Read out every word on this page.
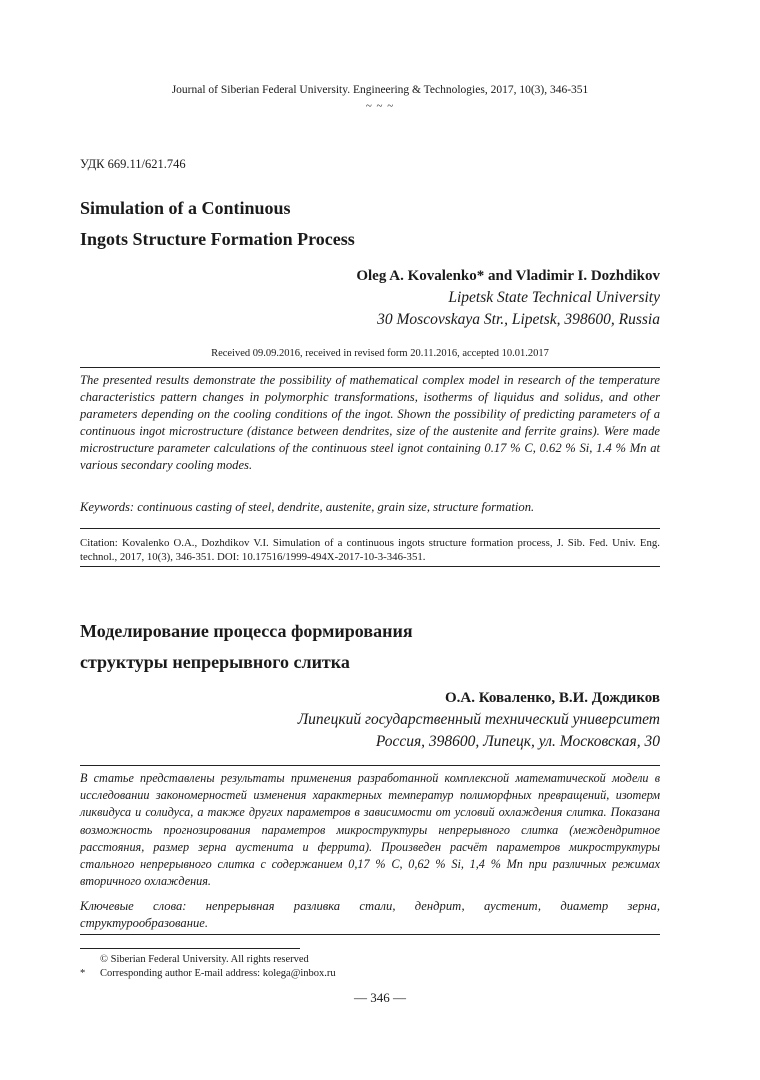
Journal of Siberian Federal University. Engineering & Technologies, 2017, 10(3), 346-351
~ ~ ~
УДК 669.11/621.746
Simulation of a Continuous
Ingots Structure Formation Process
Oleg A. Kovalenko* and Vladimir I. Dozhdikov
Lipetsk State Technical University
30 Moscovskaya Str., Lipetsk, 398600, Russia
Received 09.09.2016, received in revised form 20.11.2016, accepted 10.01.2017
The presented results demonstrate the possibility of mathematical complex model in research of the temperature characteristics pattern changes in polymorphic transformations, isotherms of liquidus and solidus, and other parameters depending on the cooling conditions of the ingot. Shown the possibility of predicting parameters of a continuous ingot microstructure (distance between dendrites, size of the austenite and ferrite grains). Were made microstructure parameter calculations of the continuous steel ignot containing 0.17 % C, 0.62 % Si, 1.4 % Mn at various secondary cooling modes.
Keywords: continuous casting of steel, dendrite, austenite, grain size, structure formation.
Citation: Kovalenko O.A., Dozhdikov V.I. Simulation of a continuous ingots structure formation process, J. Sib. Fed. Univ. Eng. technol., 2017, 10(3), 346-351. DOI: 10.17516/1999-494X-2017-10-3-346-351.
Моделирование процесса формирования
структуры непрерывного слитка
О.А. Коваленко, В.И. Дождиков
Липецкий государственный технический университет
Россия, 398600, Липецк, ул. Московская, 30
В статье представлены результаты применения разработанной комплексной математической модели в исследовании закономерностей изменения характерных температур полиморфных превращений, изотерм ликвидуса и солидуса, а также других параметров в зависимости от условий охлаждения слитка. Показана возможность прогнозирования параметров микроструктуры непрерывного слитка (междендритное расстояния, размер зерна аустенита и феррита). Произведен расчёт параметров микроструктуры стального непрерывного слитка с содержанием 0,17 % С, 0,62 % Si, 1,4 % Mn при различных режимах вторичного охлаждения.
Ключевые слова: непрерывная разливка стали, дендрит, аустенит, диаметр зерна, структурообразование.
© Siberian Federal University. All rights reserved
*	Corresponding author E-mail address: kolega@inbox.ru
— 346 —
